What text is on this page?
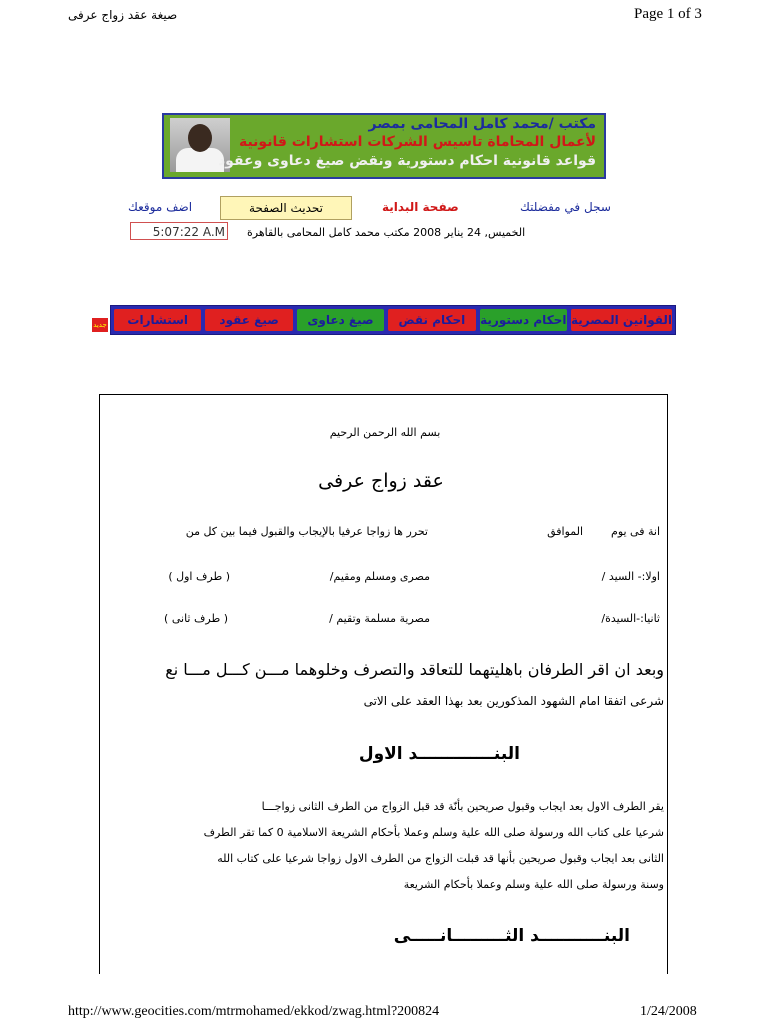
Page 1 of 3
صيغة عقد زواج عرفى
مكتب /محمد كامل المحامى بمصر
لأعمال المحاماة تاسيس الشركات استشارات قانونية
قواعد قانونية احكام دستورية ونقض صيغ دعاوى وعقود
سجل في مفضلتك
صفحة البداية
تحديث الصفحة
اضف موقعك
5:07:22 A.M الخميس, 24 يناير 2008 مكتب محمد كامل المحامى بالقاهرة
جديد	القوانين المصرية
احكام دستورية
احكام نقض
صيغ دعاوى
صيغ عقود
استشارات
بسم الله الرحمن الرحيم
عقد زواج عرفى
انة فى يوم        الموافق
تحرر ها زواجا عرفيا بالإيجاب والقبول فيما بين كل من
اولا:- السيد /
مصرى ومسلم ومقيم/
( طرف اول )
ثانيا:-السيدة/
مصرية مسلمة وتقيم /
( طرف ثانى )
وبعد ان اقر الطرفان باهليتهما للتعاقد والتصرف وخلوهما مـــن كـــل مـــا نع
شرعى اتفقا امام الشهود المذكورين بعد بهذا العقد على الاتى
البنـــــــــــــد الاول
يقر الطرف الاول بعد ايجاب وقبول صريحين بأنّة قد قبل الزواج من الطرف الثانى زواجـــا
شرعيا على كتاب الله ورسولة صلى الله علية وسلم وعملا بأحكام الشريعة الاسلامية 0 كما تقر الطرف
الثانى بعد ايجاب وقبول صريحين بأنها قد قبلت الزواج من الطرف الاول زواجا شرعيا على كتاب الله
وسنة ورسولة صلى الله علية وسلم وعملا بأحكام الشريعة
البنـــــــــــد الثـــــــــانـــــى
http://www.geocities.com/mtrmohamed/ekkod/zwag.html?200824	1/24/2008
